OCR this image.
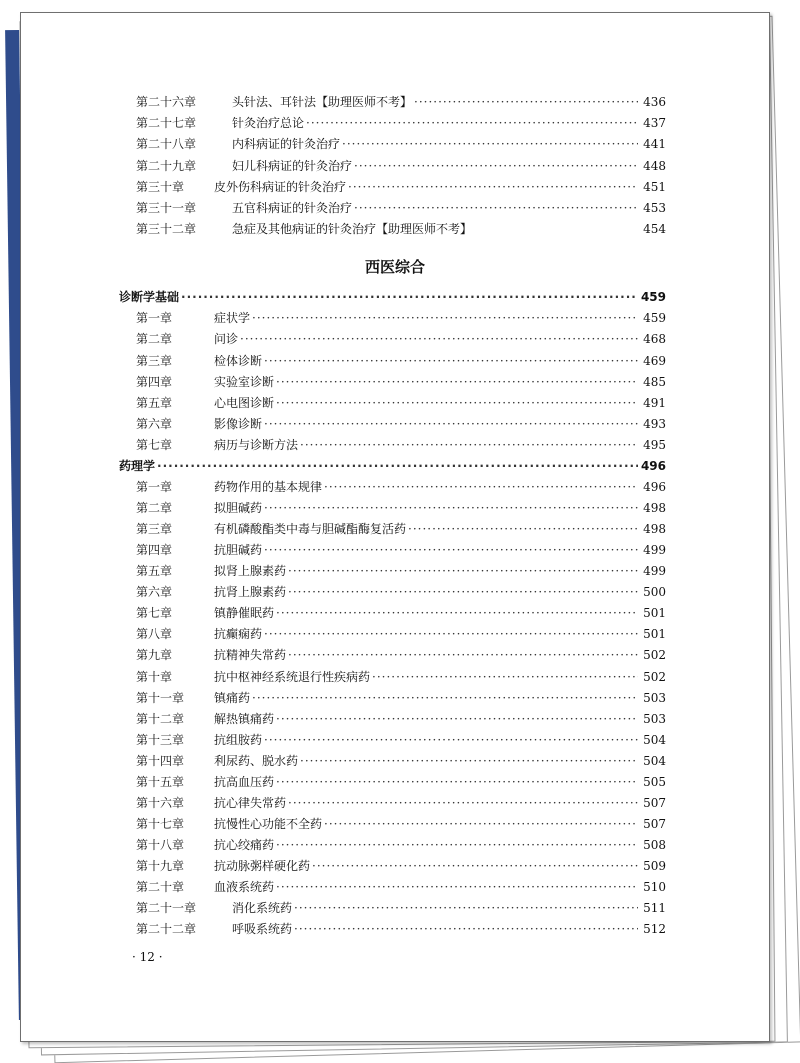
第二十六章	头针法、耳针法【助理医师不考】 ·····	436
第二十七章	针灸治疗总论 ·····	437
第二十八章	内科病证的针灸治疗 ·····	441
第二十九章	妇儿科病证的针灸治疗 ·····	448
第三十章 皮外伤科病证的针灸治疗 ·····	451
第三十一章	五官科病证的针灸治疗 ·····	453
第三十二章	急症及其他病证的针灸治疗【助理医师不考】	454
诊断学基础 ·····	459
第一章	症状学 ·····	459
第二章	问诊 ·····	468
第三章	检体诊断 ·····	469
第四章	实验室诊断 ·····	485
第五章	心电图诊断 ·····	491
第六章	影像诊断 ·····	493
第七章	病历与诊断方法 ·····	495
药理学 ·····	496
第一章	药物作用的基本规律 ·····	496
第二章	拟胆碱药 ·····	498
第三章	有机磷酸酯类中毒与胆碱酯酶复活药 ·····	498
第四章	抗胆碱药 ·····	499
第五章	拟肾上腺素药 ·····	499
第六章	抗肾上腺素药 ·····	500
第七章	镇静催眠药 ·····	501
第八章	抗癫痫药 ·····	501
第九章	抗精神失常药 ·····	502
第十章	抗中枢神经系统退行性疾病药 ·····	502
第十一章 镇痛药 ·····	503
第十二章 解热镇痛药 ·····	503
第十三章 抗组胺药 ·····	504
第十四章 利尿药、脱水药 ·····	504
第十五章 抗高血压药 ·····	505
第十六章 抗心律失常药 ·····	507
第十七章 抗慢性心功能不全药 ·····	507
第十八章 抗心绞痛药 ·····	508
第十九章 抗动脉粥样硬化药 ·····	509
第二十章 血液系统药 ·····	510
第二十一章	消化系统药 ·····	511
第二十二章	呼吸系统药 ·····	512
西医综合
· 12 ·
